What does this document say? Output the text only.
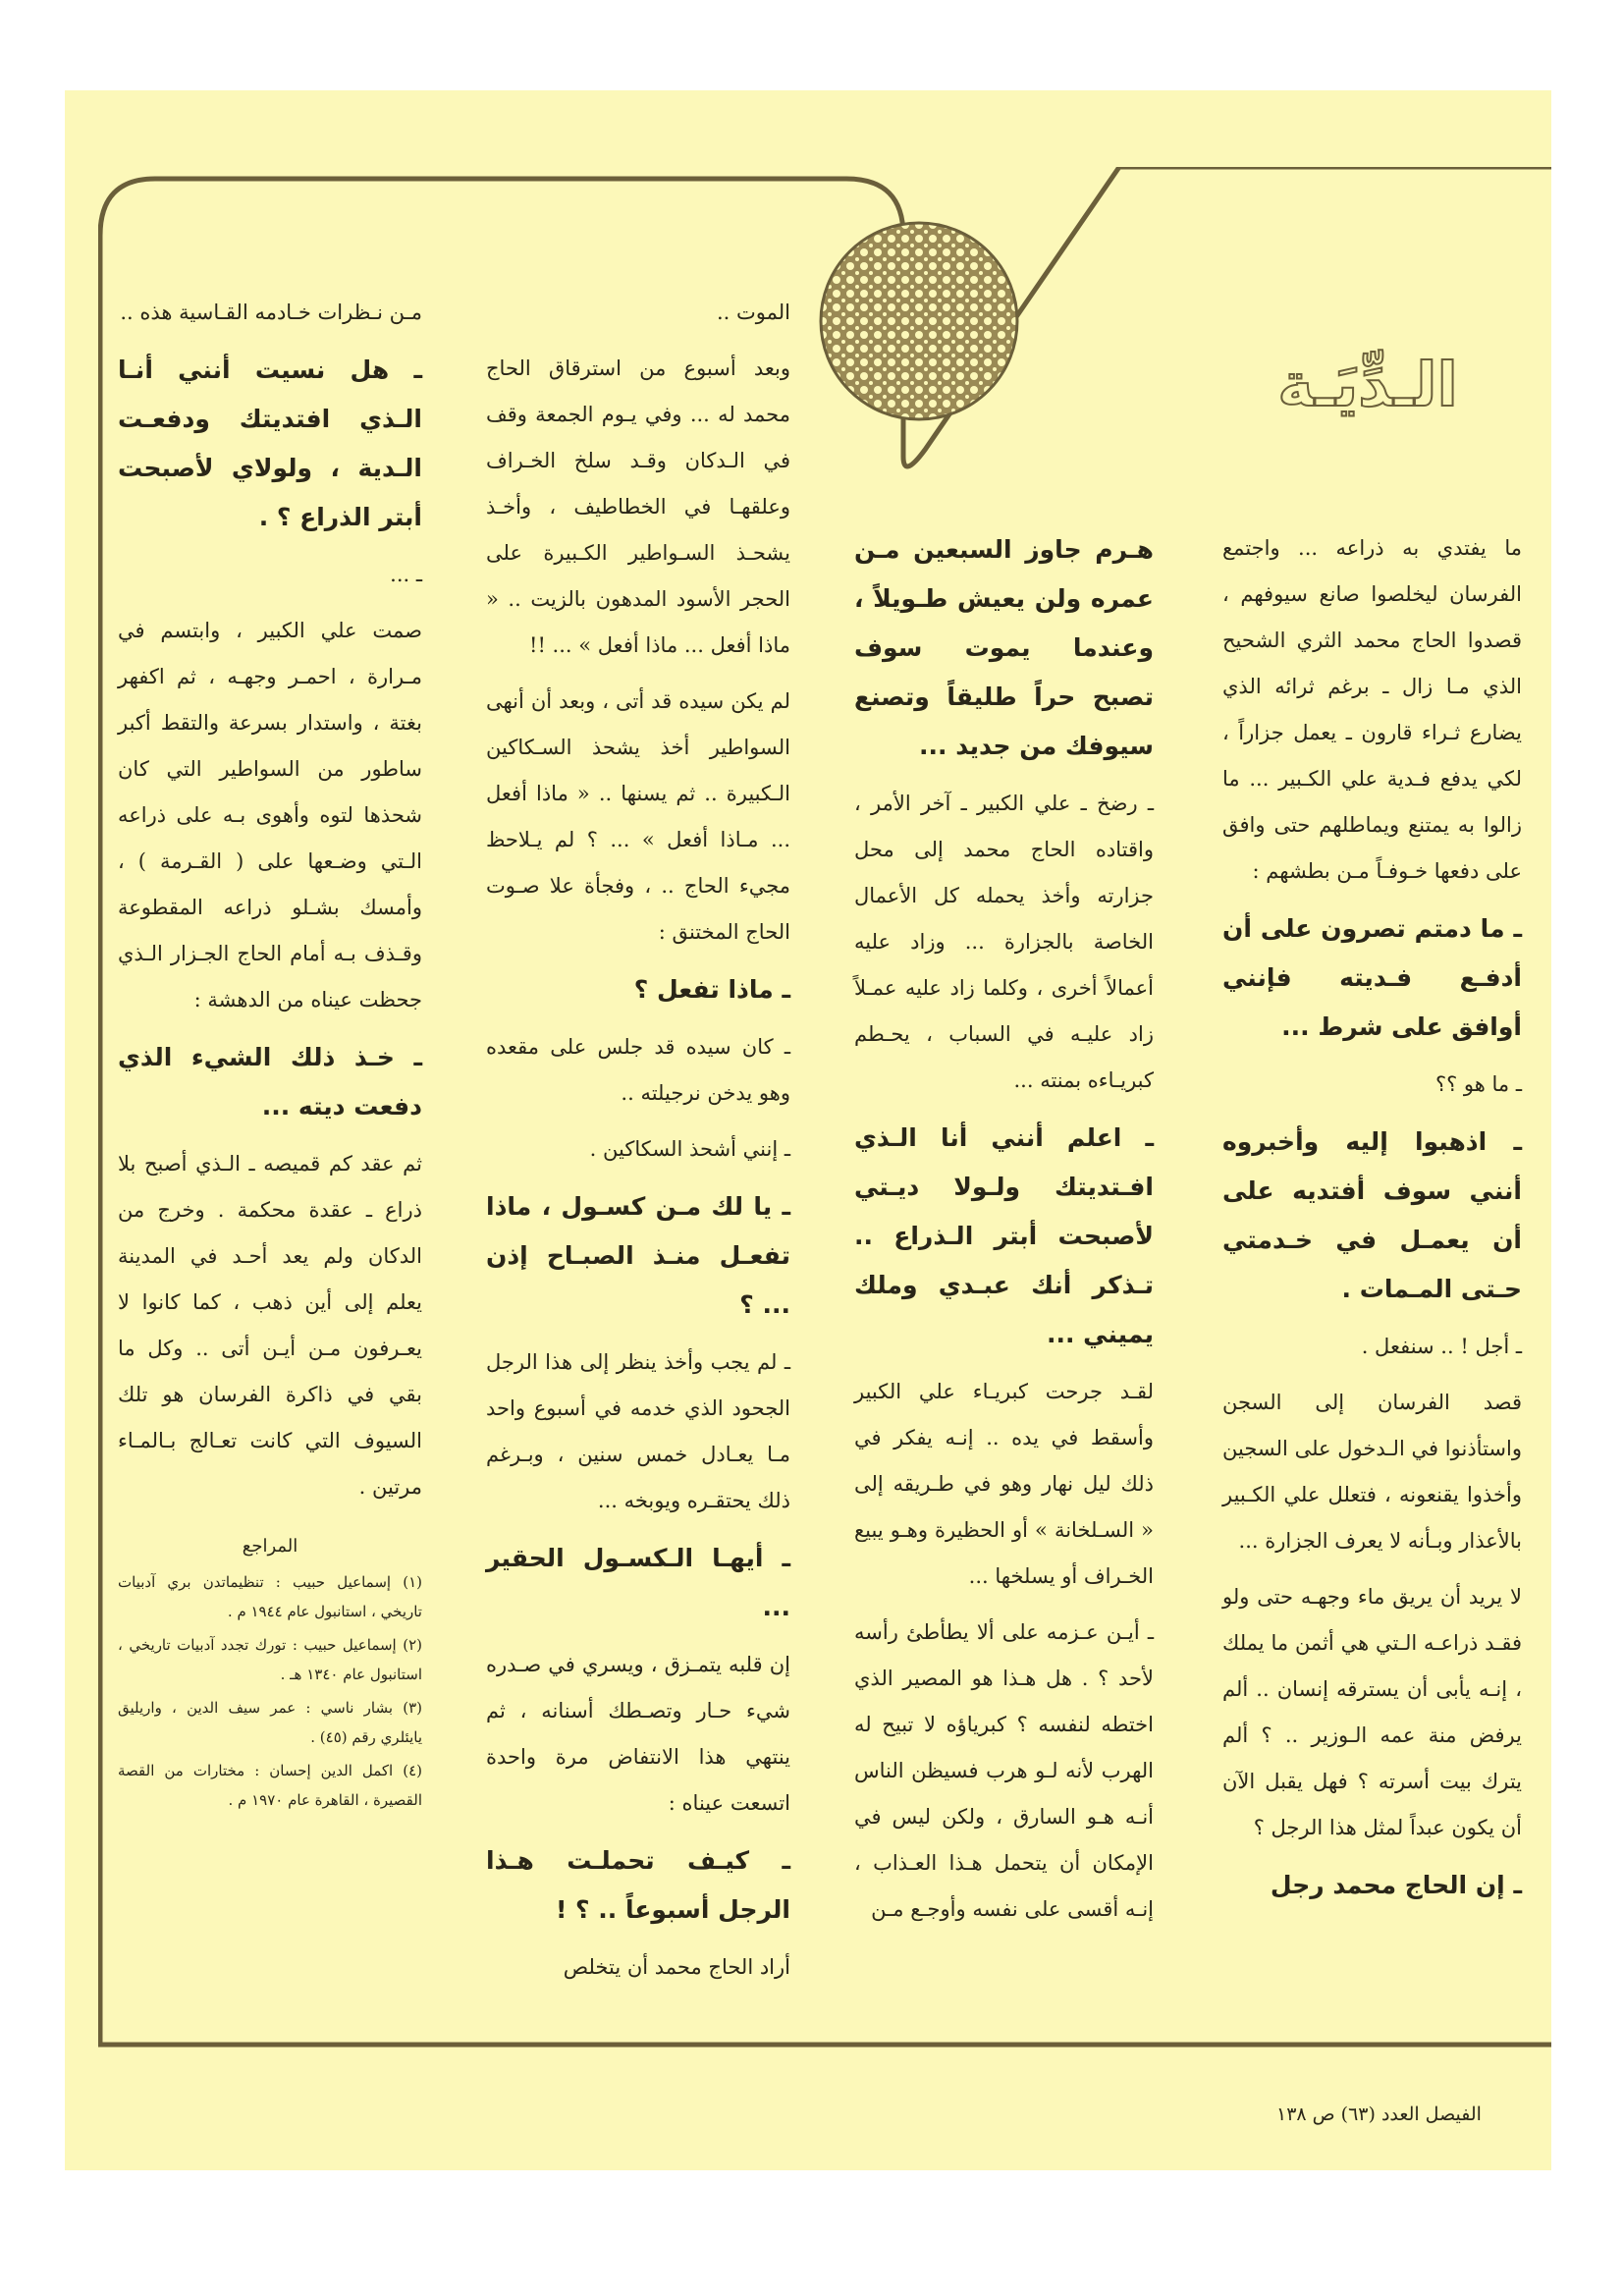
الـدِّيَـة

ما يفتدي به ذراعه ... واجتمع الفرسان ليخلصوا صانع سيوفهم ، قصدوا الحاج محمد الثري الشحيح الذي مـا زال ـ برغم ثرائه الذي يضارع ثـراء قارون ـ يعمل جزاراً ، لكي يدفع فـدية علي الكـبير ... ما زالوا به يمتنع ويماطلهم حتى وافق على دفعها خـوفـاً مـن بطشهم :

ـ ما دمتم تصرون على أن أدفـع فـديته فإنني أوافق على شرط ...

ـ ما هو ؟؟

ـ اذهبوا إليه وأخبروه أنني سوف أفتديه على أن يعمـل في خـدمتي حـتى المـمات .

ـ أجل ! .. سنفعل .

قصد الفرسان إلى السجن واستأذنوا في الـدخول على السجين وأخذوا يقنعونه ، فتعلل علي الكـبير بالأعذار وبـأنه لا يعرف الجزارة ...

لا يريد أن يريق ماء وجهـه حتى ولو فقـد ذراعـه الـتي هي أثمن ما يملك ، إنـه يأبى أن يسترقه إنسان .. ألم يرفض منة عمه الـوزير .. ؟ ألم يترك بيت أسرته ؟ فهل يقبل الآن أن يكون عبداً لمثل هذا الرجل ؟

ـ إن الحاج محمد رجل

هـرم جاوز السبعين مـن عمره ولن يعيش طـويلاً ، وعندما يموت سوف تصبح حراً طليقاً وتصنع سيوفك من جديد ...

ـ رضخ ـ علي الكبير ـ آخر الأمر ، واقتاده الحاج محمد إلى محل جزارته وأخذ يحمله كل الأعمال الخاصة بالجزارة ... وزاد عليه أعمالاً أخرى ، وكلما زاد عليه عمـلاً زاد عليـه في السباب ، يحـطم كبريـاءه بمنته ...

ـ اعلم أنني أنا الـذي افـتديتك ولـولا ديـتي لأصبحت أبتر الـذراع .. تـذكر أنك عبـدي وملك يميني ...

لقـد جرحت كبريـاء علي الكبير وأسقط في يده .. إنـه يفكر في ذلك ليل نهار وهو في طـريقه إلى « السـلخانة » أو الحظيرة وهـو يبيع الخـراف أو يسلخها ...

ـ أيـن عـزمه على ألا يطأطئ رأسه لأحد ؟ . هل هـذا هو المصير الذي اختطه لنفسه ؟ كبرياؤه لا تبيح له الهرب لأنه لـو هرب فسيظن الناس أنـه هـو السارق ، ولكن ليس في الإمكان أن يتحمل هـذا العـذاب ، إنـه أقسى على نفسه وأوجـع مـن

الموت ..

وبعد أسبوع من استرقاق الحاج محمد له ... وفي يـوم الجمعة وقف في الـدكان وقـد سلخ الخـراف وعلقهـا في الخطاطيف ، وأخـذ يشحـذ السـواطير الكـبيرة على الحجر الأسود المدهون بالزيت .. « ماذا أفعل ... ماذا أفعل » ... !!

لم يكن سيده قد أتى ، وبعد أن أنهى السواطير أخذ يشحذ السـكاكين الـكبيرة .. ثم يسنها .. « ماذا أفعل ... مـاذا أفعل » ... ؟ لم يـلاحظ مجيء الحاج .. ، وفجأة علا صـوت الحاج المختنق :

ـ ماذا تفعل ؟

ـ كان سيده قد جلس على مقعده وهو يدخن نرجيلته ..

ـ إنني أشحذ السكاكين .

ـ يا لك مـن كسـول ، ماذا تفعـل منـذ الصبـاح إذن ... ؟

ـ لم يجب وأخذ ينظر إلى هذا الرجل الجحود الذي خدمه في أسبوع واحد مـا يعـادل خمس سنين ، وبـرغم ذلك يحتقـره ويوبخه ...

ـ أيهـا الـكسـول الحقير ...

إن قلبه يتمـزق ، ويسري في صـدره شيء حـار وتصـطك أسنانه ، ثم ينتهي هذا الانتفاض مرة واحدة اتسعت عيناه :

ـ كيـف تحملـت هـذا الرجل أسبوعاً .. ؟ !

أراد الحاج محمد أن يتخلص

مـن نـظرات خـادمه القـاسية هذه ..

ـ هل نسيت أنني أنـا الـذي افتديتك ودفعـت الـدية ، ولولاي لأصبحت أبتر الذراع ؟ .

ـ ...

صمت علي الكبير ، وابتسم في مـرارة ، احمـر وجهـه ، ثم اكفهر بغتة ، واستدار بسرعة والتقط أكبر ساطور من السواطير التي كان شحذها لتوه وأهوى بـه على ذراعه الـتي وضـعها على ( القـرمة ) ، وأمسك بشـلو ذراعه المقطوعة وقـذف بـه أمام الحاج الجـزار الـذي جحظت عيناه من الدهشة :

ـ خـذ ذلك الشيء الذي دفعت ديته ...

ثم عقد كم قميصه ـ الـذي أصبح بلا ذراع ـ عقدة محكمة . وخرج من الدكان ولم يعد أحـد في المدينة يعلم إلى أين ذهب ، كما كانوا لا يعـرفون مـن أيـن أتى .. وكل ما بقي في ذاكرة الفرسان هو تلك السيوف التي كانت تعـالج بـالمـاء مرتين .

المراجع

(١) إسماعيل حبيب : تنظيماتدن بري آدبيات تاريخي ، استانبول عام ١٩٤٤ م .

(٢) إسماعيل حبيب : تورك تجدد آدبيات تاريخي ، استانبول عام ١٣٤٠ هـ .

(٣) بشار ناسي : عمر سيف الدين ، واريليق يايئلري رقم (٤٥) .

(٤) اكمل الدين إحسان : مختارات من القصة القصيرة ، القاهرة عام ١٩٧٠ م .

الفيصل العدد (٦٣) ص ١٣٨
